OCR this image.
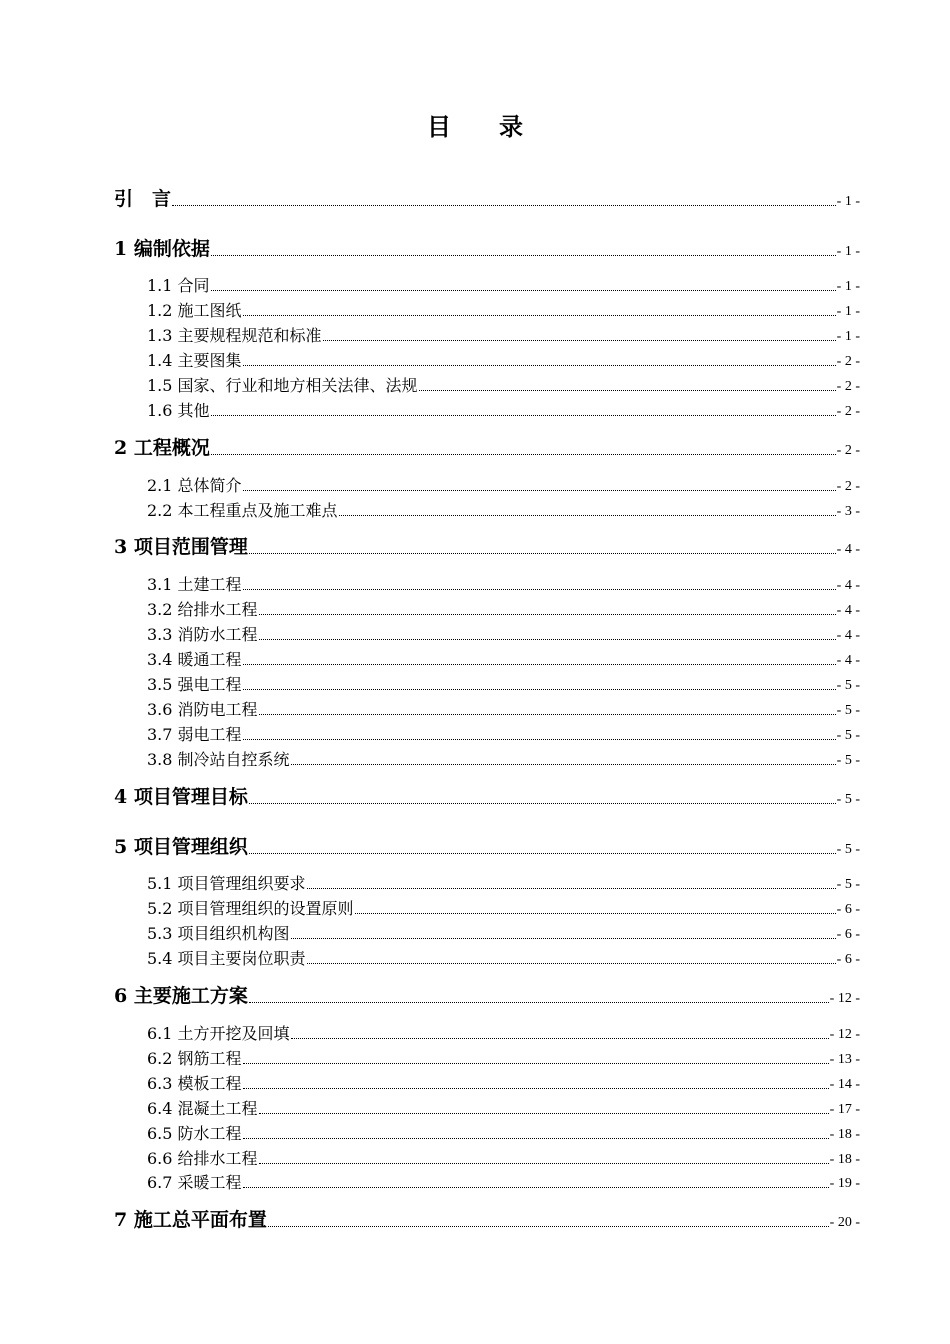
目　　录
引　言	- 1 -
1 编制依据	- 1 -
1.1 合同	- 1 -
1.2 施工图纸	- 1 -
1.3 主要规程规范和标准	- 1 -
1.4 主要图集	- 2 -
1.5 国家、行业和地方相关法律、法规	- 2 -
1.6 其他	- 2 -
2 工程概况	- 2 -
2.1 总体简介	- 2 -
2.2 本工程重点及施工难点	- 3 -
3 项目范围管理	- 4 -
3.1 土建工程	- 4 -
3.2 给排水工程	- 4 -
3.3 消防水工程	- 4 -
3.4 暖通工程	- 4 -
3.5 强电工程	- 5 -
3.6 消防电工程	- 5 -
3.7 弱电工程	- 5 -
3.8 制冷站自控系统	- 5 -
4 项目管理目标	- 5 -
5 项目管理组织	- 5 -
5.1 项目管理组织要求	- 5 -
5.2 项目管理组织的设置原则	- 6 -
5.3 项目组织机构图	- 6 -
5.4 项目主要岗位职责	- 6 -
6 主要施工方案	- 12 -
6.1 土方开挖及回填	- 12 -
6.2 钢筋工程	- 13 -
6.3 模板工程	- 14 -
6.4 混凝土工程	- 17 -
6.5 防水工程	- 18 -
6.6 给排水工程	- 18 -
6.7 采暖工程	- 19 -
7 施工总平面布置	- 20 -
